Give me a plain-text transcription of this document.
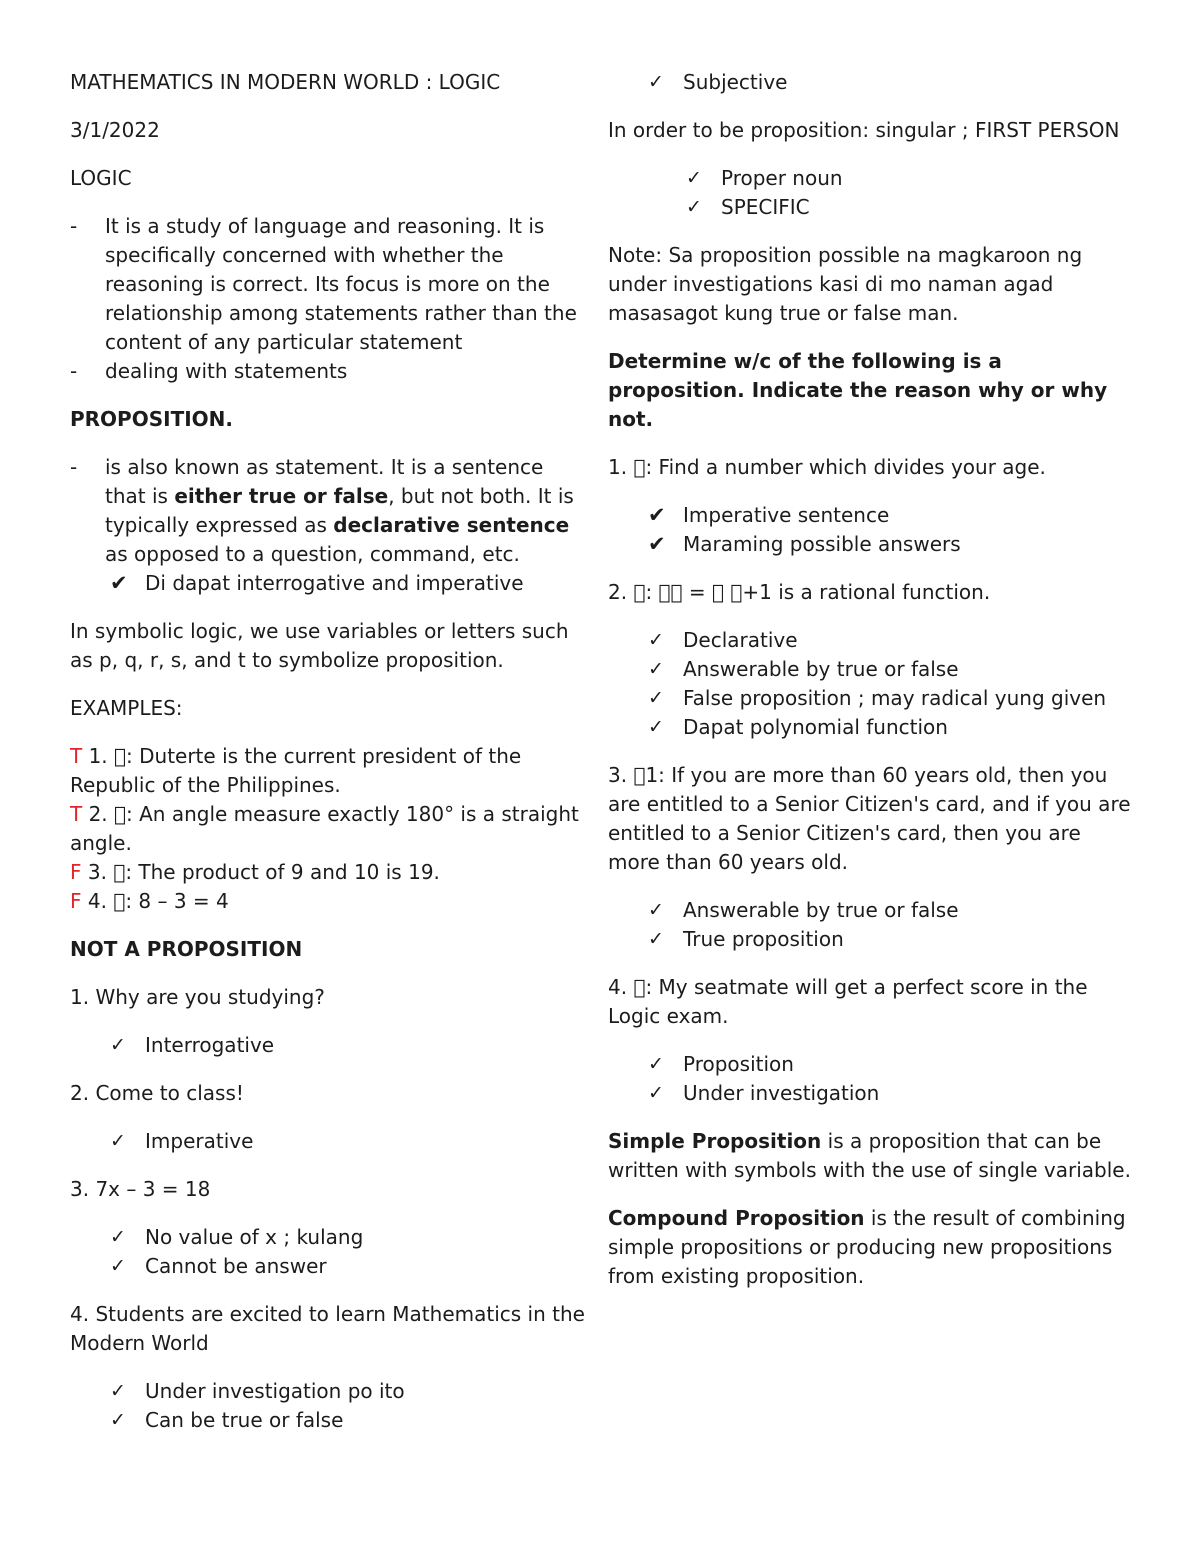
MATHEMATICS IN MODERN WORLD : LOGIC

3/1/2022

LOGIC

-	It is a study of language and reasoning. It is specifically concerned with whether the reasoning is correct. Its focus is more on the relationship among statements rather than the content of any particular statement
-	dealing with statements

PROPOSITION.

-	is also known as statement. It is a sentence that is either true or false, but not both. It is typically expressed as declarative sentence as opposed to a question, command, etc.
✔ Di dapat interrogative and imperative

In symbolic logic, we use variables or letters such as p, q, r, s, and t to symbolize proposition.

EXAMPLES:

T 1.  : Duterte is the current president of the Republic of the Philippines.

T 2.  : An angle measure exactly 180° is a straight angle.

F 3.  : The product of 9 and 10 is 19.

F 4.  : 8 – 3 = 4

NOT A PROPOSITION

1. Why are you studying?

✓ Interrogative

2. Come to class!

✓ Imperative

3. 7x – 3 = 18

✓ No value of x ; kulang
✓ Cannot be answer

4. Students are excited to learn Mathematics in the Modern World

✓ Under investigation po ito
✓ Can be true or false
✓ Subjective

In order to be proposition: singular ; FIRST PERSON

✓ Proper noun
✓ SPECIFIC

Note: Sa proposition possible na magkaroon ng under investigations kasi di mo naman agad masasagot kung true or false man.

Determine w/c of the following is a proposition. Indicate the reason why or why not.

1.  : Find a number which divides your age.

✔ Imperative sentence
✔ Maraming possible answers

2.  :    =    +1 is a rational function.

✓ Declarative
✓ Answerable by true or false
✓ False proposition ; may radical yung given
✓ Dapat polynomial function

3.  1: If you are more than 60 years old, then you are entitled to a Senior Citizen's card, and if you are entitled to a Senior Citizen's card, then you are more than 60 years old.

✓ Answerable by true or false
✓ True proposition

4.  : My seatmate will get a perfect score in the Logic exam.

✓ Proposition
✓ Under investigation

Simple Proposition is a proposition that can be written with symbols with the use of single variable.

Compound Proposition is the result of combining simple propositions or producing new propositions from existing proposition.
